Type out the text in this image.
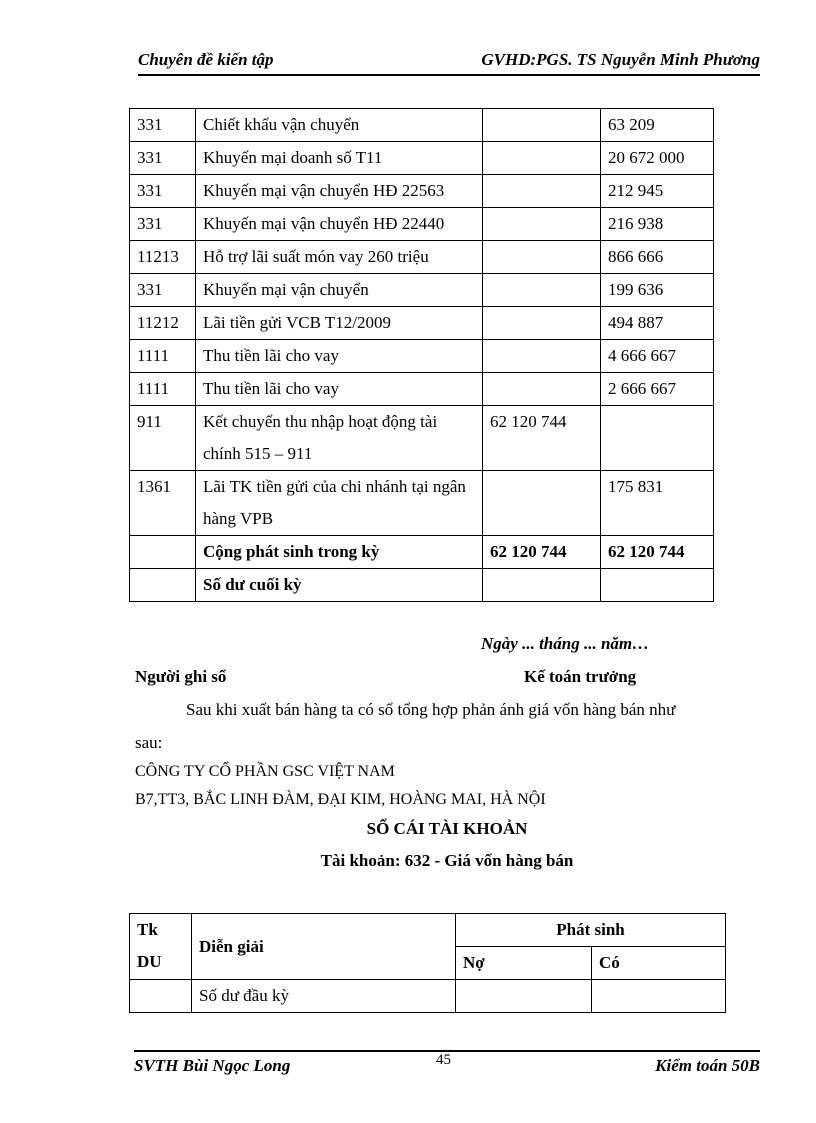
Chuyên đề kiến tập	GVHD:PGS. TS Nguyễn Minh Phương
331	Chiết khấu vận chuyển		63 209
331	Khuyến mại doanh số T11		20 672 000
331	Khuyến mại vận chuyển HĐ 22563		212 945
331	Khuyến mại vận chuyển HĐ 22440		216 938
11213	Hỗ trợ lãi suất món vay 260 triệu		866 666
331	Khuyến mại vận chuyển		199 636
11212	Lãi tiền gửi VCB T12/2009		494 887
1111	Thu tiền lãi cho vay		4 666 667
1111	Thu tiền lãi cho vay		2 666 667
911	Kết chuyển thu nhập hoạt động tài chính 515 – 911	62 120 744	
1361	Lãi TK tiền gửi của chi nhánh tại ngân hàng VPB		175 831
	Cộng phát sinh trong kỳ	62 120 744	62 120 744
	Số dư cuối kỳ		
Ngày ... tháng ... năm…
Người ghi sổ	Kế toán trưởng
Sau khi xuất bán hàng ta có sổ tổng hợp phản ánh giá vốn hàng bán như
sau:
CÔNG TY CỔ PHẦN GSC VIỆT NAM
B7,TT3, BẮC LINH ĐÀM, ĐẠI KIM, HOÀNG MAI, HÀ NỘI
SỔ CÁI TÀI KHOẢN
Tài khoản: 632 - Giá vốn hàng bán
Tk
DU	Diễn giải	Phát sinh	
		Nợ	Có
	Số dư đầu kỳ		
SVTH Bùi Ngọc Long	45	Kiểm toán 50B
